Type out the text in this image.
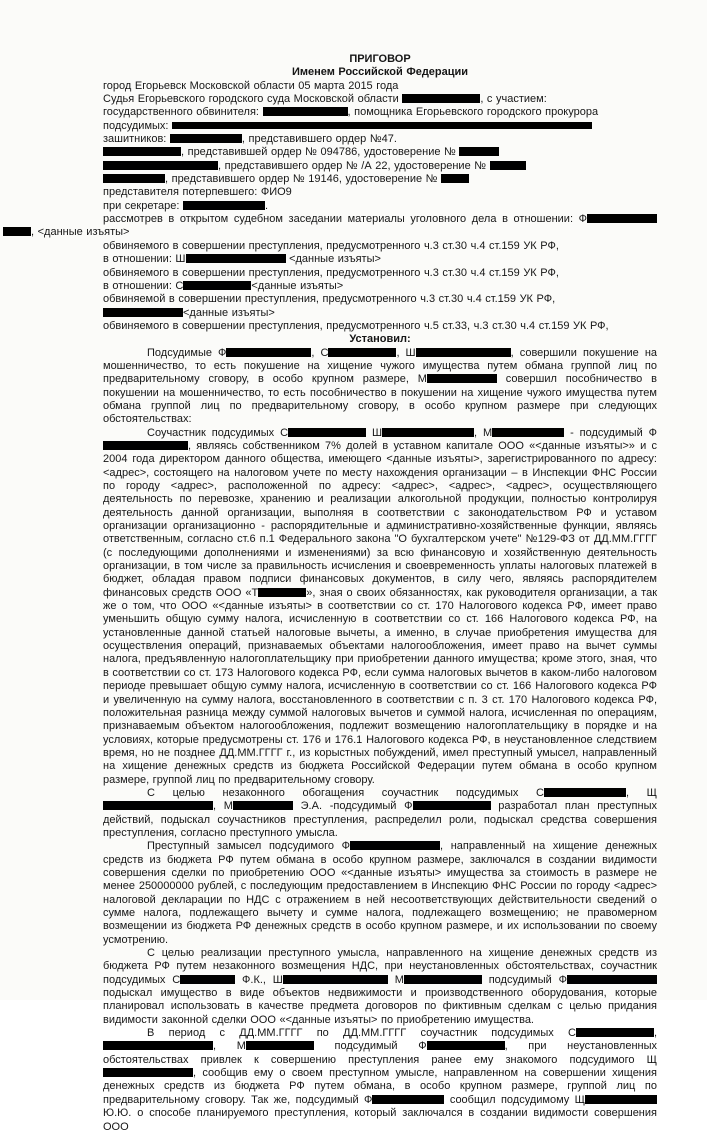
ПРИГОВОР
Именем Российской Федерации
город Егорьевск Московской области 05 марта 2015 года
Судья Егорьевского городского суда Московской области	, с участием:
государственного обвинителя:	, помощника Егорьевского городского прокурора
подсудимых:
зашитников:	, представившего ордер №47.
, представившей ордер № 094786, удостоверение №
, представившего ордер № /А 22, удостоверение №
, представившего ордер № 19146, удостоверение №
представителя потерпевшего: ФИО9
при секретаре:	.
рассмотрев в открытом судебном заседании материалы уголовного дела в отношении: Ф
, <данные изъяты>
обвиняемого в совершении преступления, предусмотренного ч.3 ст.30 ч.4 ст.159 УК РФ,
в отношении: Ш	<данные изъяты>
обвиняемого в совершении преступления, предусмотренного ч.3 ст.30 ч.4 ст.159 УК РФ,
в отношении: С	<данные изъяты>
обвиняемой в совершении преступления, предусмотренного ч.3 ст.30 ч.4 ст.159 УК РФ,
<данные изъяты>
обвиняемого в совершении преступления, предусмотренного ч.5 ст.33, ч.3 ст.30 ч.4 ст.159 УК РФ,
Установил:
Подсудимые Ф	, С	, Ш	, совершили покушение на мошенничество, то есть покушение на хищение чужого имущества путем обмана группой лиц по предварительному сговору, в особо крупном размере, М	совершил пособничество в покушении на мошенничество, то есть пособничество в покушении на хищение чужого имущества путем обмана группой лиц по предварительному сговору, в особо крупном размере при следующих обстоятельствах:
Соучастник подсудимых С	Ш	, М	- подсудимый Ф, являясь собственником 7% долей в уставном капитале ООО «<данные изъяты>» и с 2004 года директором данного общества, имеющего <данные изъяты>, зарегистрированного по адресу: <адрес>, состоящего на налоговом учете по месту нахождения организации – в Инспекции ФНС России по городу <адрес>, расположенной по адресу: <адрес>, <адрес>, <адрес>, осуществляющего деятельность по перевозке, хранению и реализации алкогольной продукции, полностью контролируя деятельность данной организации, выполняя в соответствии с законодательством РФ и уставом организации организационно - распорядительные и административно-хозяйственные функции, являясь ответственным, согласно ст.6 п.1 Федерального закона "О бухгалтерском учете" №129-ФЗ от ДД.ММ.ГГГГ (с последующими дополнениями и изменениями) за всю финансовую и хозяйственную деятельность организации, в том числе за правильность исчисления и своевременность уплаты налоговых платежей в бюджет, обладая правом подписи финансовых документов, в силу чего, являясь распорядителем финансовых средств ООО «Т	», зная о своих обязанностях, как руководителя организации, а так же о том, что ООО «<данные изъяты> в соответствии со ст. 170 Налогового кодекса РФ, имеет право уменьшить общую сумму налога, исчисленную в соответствии со ст. 166 Налогового кодекса РФ, на установленные данной статьей налоговые вычеты, а именно, в случае приобретения имущества для осуществления операций, признаваемых объектами налогообложения, имеет право на вычет суммы налога, предъявленную налогоплательщику при приобретении данного имущества; кроме этого, зная, что в соответствии со ст. 173 Налогового кодекса РФ, если сумма налоговых вычетов в каком-либо налоговом периоде превышает общую сумму налога, исчисленную в соответствии со ст. 166 Налогового кодекса РФ и увеличенную на сумму налога, восстановленного в соответствии с п. 3 ст. 170 Налогового кодекса РФ, положительная разница между суммой налоговых вычетов и суммой налога, исчисленная по операциям, признаваемым объектом налогообложения, подлежит возмещению налогоплательщику в порядке и на условиях, которые предусмотрены ст. 176 и 176.1 Налогового кодекса РФ, в неустановленное следствием время, но не позднее ДД.ММ.ГГГГ г., из корыстных побуждений, имел преступный умысел, направленный на хищение денежных средств из бюджета Российской Федерации путем обмана в особо крупном размере, группой лиц по предварительному сговору.
С целью незаконного обогащения соучастник подсудимых С	, Щ, М	Э.А. -подсудимый Ф	разработал план преступных действий, подыскал соучастников преступления, распределил роли, подыскал средства совершения преступления, согласно преступного умысла.
Преступный замысел подсудимого Ф	, направленный на хищение денежных средств из бюджета РФ путем обмана в особо крупном размере, заключался в создании видимости совершения сделки по приобретению ООО «<данные изъяты> имущества за стоимость в размере не менее 250000000 рублей, с последующим предоставлением в Инспекцию ФНС России по городу <адрес> налоговой декларации по НДС с отражением в ней несоответствующих действительности сведений о сумме налога, подлежащего вычету и сумме налога, подлежащего возмещению; не правомерном возмещении из бюджета РФ денежных средств в особо крупном размере, и их использовании по своему усмотрению.
С целью реализации преступного умысла, направленного на хищение денежных средств из бюджета РФ путем незаконного возмещения НДС, при неустановленных обстоятельствах, соучастник подсудимых С	Ф.К., Ш	М	подсудимый Ф подыскал имущество в виде объектов недвижимости и производственного оборудования, которые планировал использовать в качестве предмета договоров по фиктивным сделкам с целью придания видимости законной сделки ООО «<данные изъяты> по приобретению имущества.
В период с ДД.ММ.ГГГГ по ДД.ММ.ГГГГ соучастник подсудимых С	, , М	подсудимый Ф	, при неустановленных обстоятельствах привлек к совершению преступления ранее ему знакомого подсудимого Щ, сообщив ему о своем преступном умысле, направленном на совершении хищения денежных средств из бюджета РФ путем обмана, в особо крупном размере, группой лиц по предварительному сговору. Так же, подсудимый Ф	сообщил подсудимому Щ Ю.Ю. о способе планируемого преступления, который заключался в создании видимости совершения ООО
